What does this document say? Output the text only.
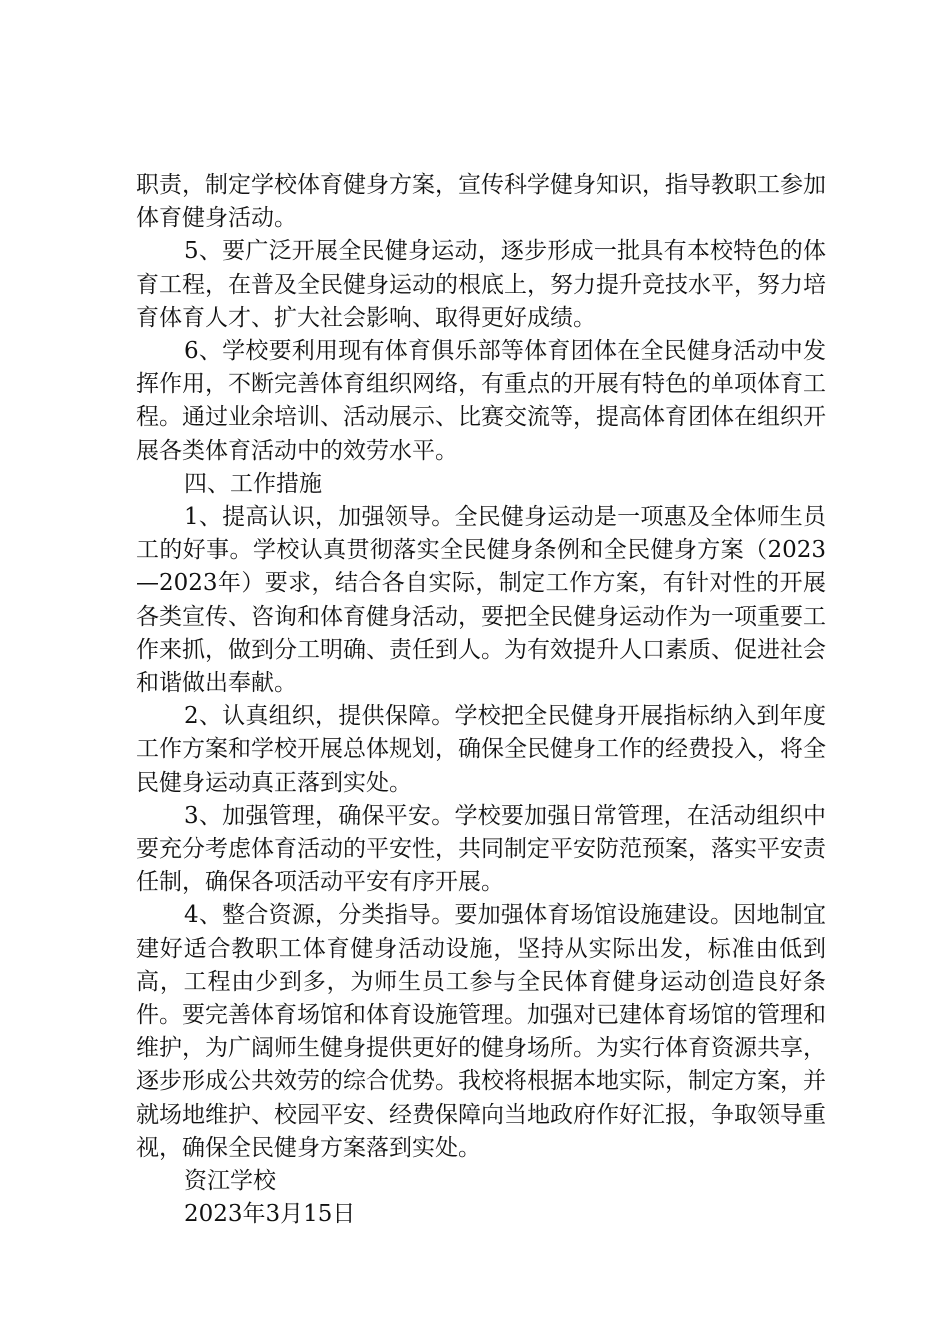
职责，制定学校体育健身方案，宣传科学健身知识，指导教职工参加体育健身活动。

5、要广泛开展全民健身运动，逐步形成一批具有本校特色的体育工程，在普及全民健身运动的根底上，努力提升竞技水平，努力培育体育人才、扩大社会影响、取得更好成绩。

6、学校要利用现有体育俱乐部等体育团体在全民健身活动中发挥作用，不断完善体育组织网络，有重点的开展有特色的单项体育工程。通过业余培训、活动展示、比赛交流等，提高体育团体在组织开展各类体育活动中的效劳水平。

四、工作措施

1、提高认识，加强领导。全民健身运动是一项惠及全体师生员工的好事。学校认真贯彻落实全民健身条例和全民健身方案（2023—2023年）要求，结合各自实际，制定工作方案，有针对性的开展各类宣传、咨询和体育健身活动，要把全民健身运动作为一项重要工作来抓，做到分工明确、责任到人。为有效提升人口素质、促进社会和谐做出奉献。

2、认真组织，提供保障。学校把全民健身开展指标纳入到年度工作方案和学校开展总体规划，确保全民健身工作的经费投入，将全民健身运动真正落到实处。

3、加强管理，确保平安。学校要加强日常管理，在活动组织中要充分考虑体育活动的平安性，共同制定平安防范预案，落实平安责任制，确保各项活动平安有序开展。

4、整合资源，分类指导。要加强体育场馆设施建设。因地制宜建好适合教职工体育健身活动设施，坚持从实际出发，标准由低到高，工程由少到多，为师生员工参与全民体育健身运动创造良好条件。要完善体育场馆和体育设施管理。加强对已建体育场馆的管理和维护，为广阔师生健身提供更好的健身场所。为实行体育资源共享，逐步形成公共效劳的综合优势。我校将根据本地实际，制定方案，并就场地维护、校园平安、经费保障向当地政府作好汇报，争取领导重视，确保全民健身方案落到实处。

资江学校

2023年3月15日
